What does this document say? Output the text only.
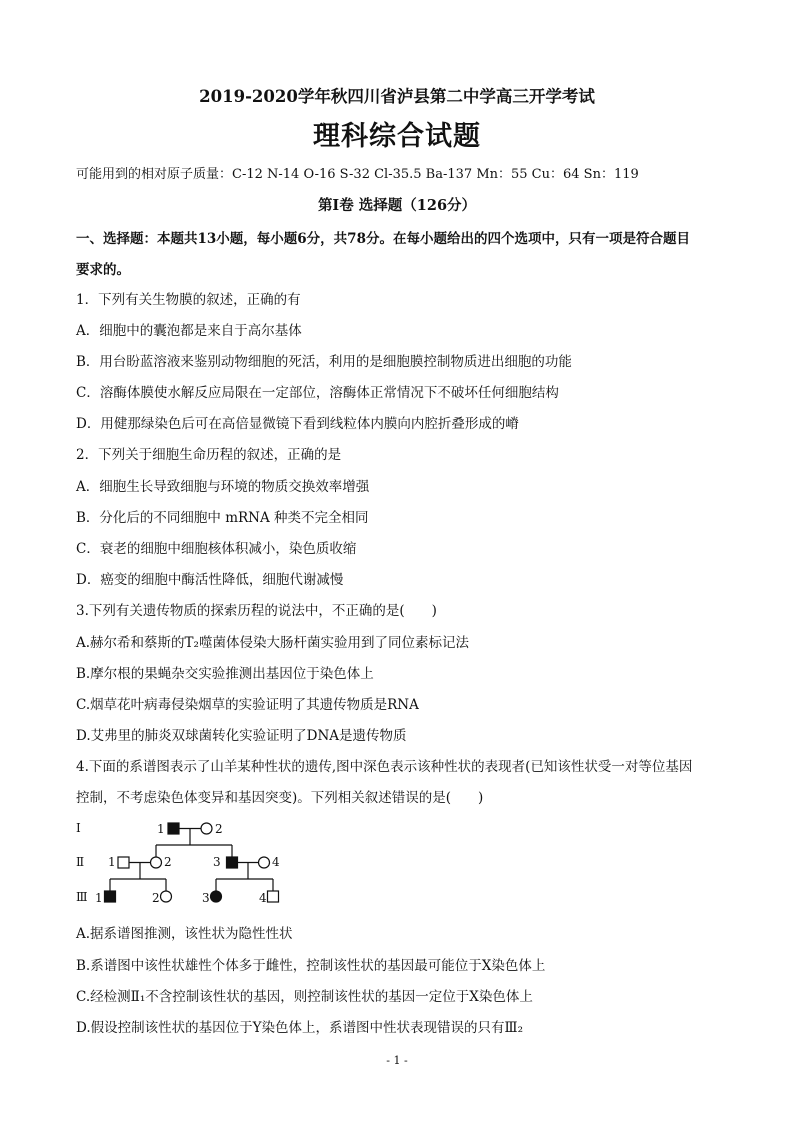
2019-2020学年秋四川省泸县第二中学高三开学考试
理科综合试题
可能用到的相对原子质量：C-12 N-14 O-16 S-32 Cl-35.5 Ba-137 Mn：55 Cu：64 Sn：119
第Ⅰ卷 选择题（126分）
一、选择题：本题共13小题，每小题6分，共78分。在每小题给出的四个选项中，只有一项是符合题目
要求的。
1．下列有关生物膜的叙述，正确的有
A．细胞中的囊泡都是来自于高尔基体
B．用台盼蓝溶液来鉴别动物细胞的死活，利用的是细胞膜控制物质进出细胞的功能
C．溶酶体膜使水解反应局限在一定部位，溶酶体正常情况下不破坏任何细胞结构
D．用健那绿染色后可在高倍显微镜下看到线粒体内膜向内腔折叠形成的嵴
2．下列关于细胞生命历程的叙述，正确的是
A．细胞生长导致细胞与环境的物质交换效率增强
B．分化后的不同细胞中 mRNA 种类不完全相同
C．衰老的细胞中细胞核体积减小，染色质收缩
D．癌变的细胞中酶活性降低，细胞代谢减慢
3.下列有关遗传物质的探索历程的说法中，不正确的是(　　)
A.赫尔希和蔡斯的T₂噬菌体侵染大肠杆菌实验用到了同位素标记法
B.摩尔根的果蝇杂交实验推测出基因位于染色体上
C.烟草花叶病毒侵染烟草的实验证明了其遗传物质是RNA
D.艾弗里的肺炎双球菌转化实验证明了DNA是遗传物质
4.下面的系谱图表示了山羊某种性状的遗传,图中深色表示该种性状的表现者(已知该性状受一对等位基因
控制，不考虑染色体变异和基因突变)。下列相关叙述错误的是(　　)
Ⅰ
Ⅱ
Ⅲ
1	2
1	2	3	4
1	2	3	4
A.据系谱图推测，该性状为隐性性状
B.系谱图中该性状雄性个体多于雌性，控制该性状的基因最可能位于X染色体上
C.经检测Ⅱ₁不含控制该性状的基因，则控制该性状的基因一定位于X染色体上
D.假设控制该性状的基因位于Y染色体上，系谱图中性状表现错误的只有Ⅲ₂
- 1 -
